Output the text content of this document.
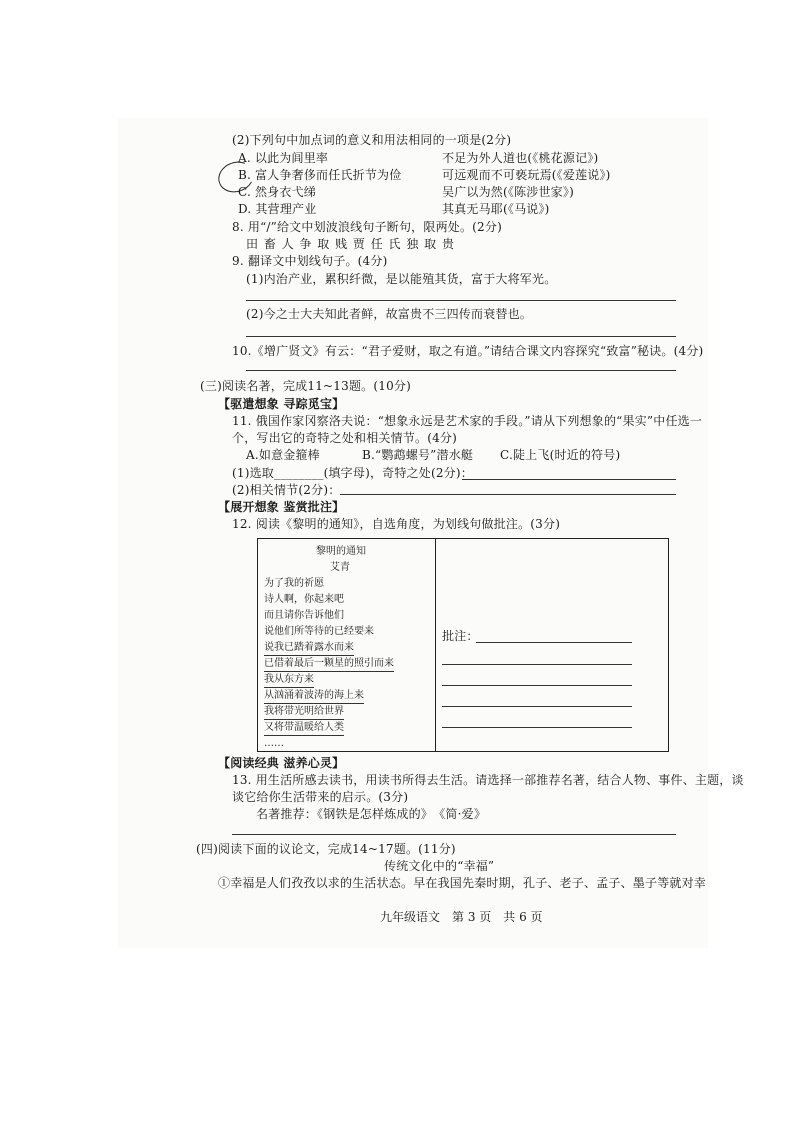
(2)下列句中加点词的意义和用法相同的一项是(2分)
A. 以此为闾里率	不足为外人道也(《桃花源记》)
B. 富人争奢侈而任氏折节为俭	可远观而不可亵玩焉(《爱莲说》)
C. 然身衣弋绨	吴广以为然(《陈涉世家》)
D. 其营理产业	其真无马耶(《马说》)
8. 用“/”给文中划波浪线句子断句，限两处。(2分)
田 畜 人 争 取 贱 贾 任 氏 独 取 贵
9. 翻译文中划线句子。(4分)
(1)内治产业，累积纤微，是以能殖其货，富于大将军光。
(2)今之士大夫知此者鲜，故富贵不三四传而衰替也。
10.《增广贤文》有云：“君子爱财，取之有道。”请结合课文内容探究“致富”秘诀。(4分)
(三)阅读名著，完成11~13题。(10分)
【驱遣想象 寻踪觅宝】
11. 俄国作家冈察洛夫说：“想象永远是艺术家的手段。”请从下列想象的“果实”中任选一
个，写出它的奇特之处和相关情节。(4分)
A.如意金箍棒	B.“鹦鹉螺号”潜水艇 C.陡上飞(时近的符号)
(1)选取________(填字母)，奇特之处(2分)：
(2)相关情节(2分)：
【展开想象 鉴赏批注】
12. 阅读《黎明的通知》，自选角度，为划线句做批注。(3分)
黎明的通知
艾青
为了我的祈愿
诗人啊，你起来吧
而且请你告诉他们
说他们所等待的已经要来
说我已踏着露水而来
已借着最后一颗星的照引而来
我从东方来
从汹涌着波涛的海上来
我将带光明给世界
又将带温暖给人类
……
批注：
【阅读经典 滋养心灵】
13. 用生活所感去读书，用读书所得去生活。请选择一部推荐名著，结合人物、事件、主题，谈
谈它给你生活带来的启示。(3分)
名著推荐：《钢铁是怎样炼成的》　《简·爱》
(四)阅读下面的议论文，完成14~17题。(11分)
传统文化中的“幸福”
①幸福是人们孜孜以求的生活状态。早在我国先秦时期，孔子、老子、孟子、墨子等就对幸
九年级语文　第 3 页　共 6 页
